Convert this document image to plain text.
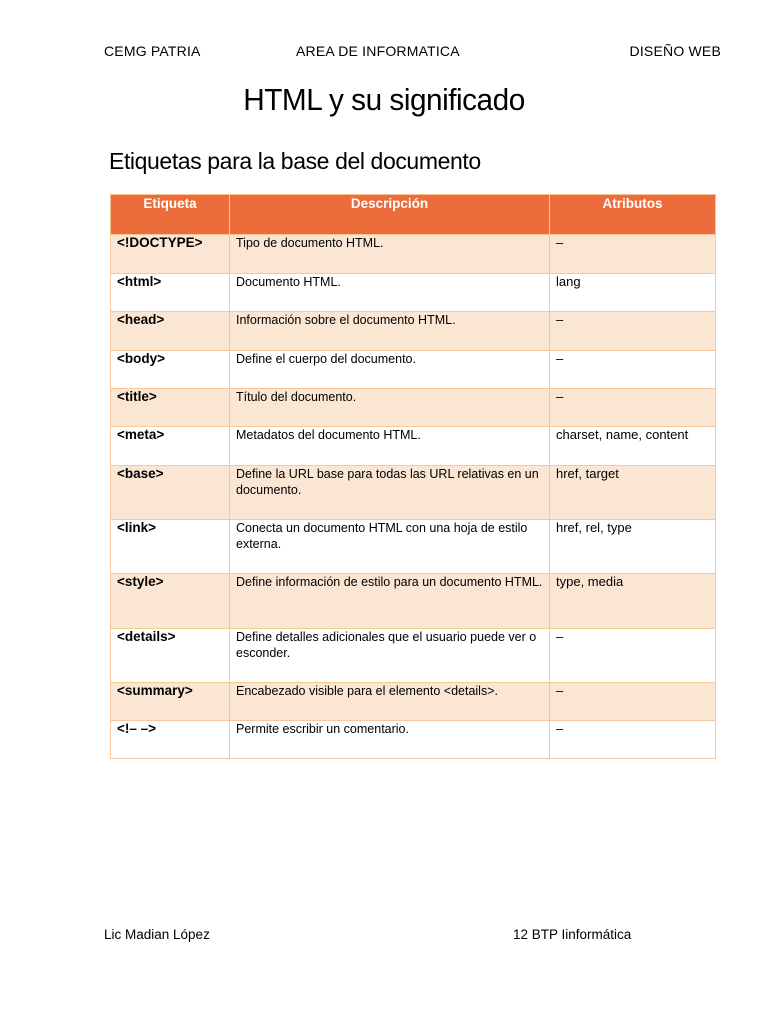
CEMG PATRIA	AREA DE INFORMATICA	DISEÑO WEB
HTML y su significado
Etiquetas para la base del documento
Etiqueta	Descripción	Atributos
<!DOCTYPE>	Tipo de documento HTML.	–
<html>	Documento HTML.	lang
<head>	Información sobre el documento HTML.	–
<body>	Define el cuerpo del documento.	–
<title>	Título del documento.	–
<meta>	Metadatos del documento HTML.	charset, name, content
<base>	Define la URL base para todas las URL relativas en un documento.	href, target
<link>	Conecta un documento HTML con una hoja de estilo externa.	href, rel, type
<style>	Define información de estilo para un documento HTML.	type, media
<details>	Define detalles adicionales que el usuario puede ver o esconder.	–
<summary>	Encabezado visible para el elemento <details>.	–
<!– –>	Permite escribir un comentario.	–
Lic Madian López	12 BTP Iinformática
